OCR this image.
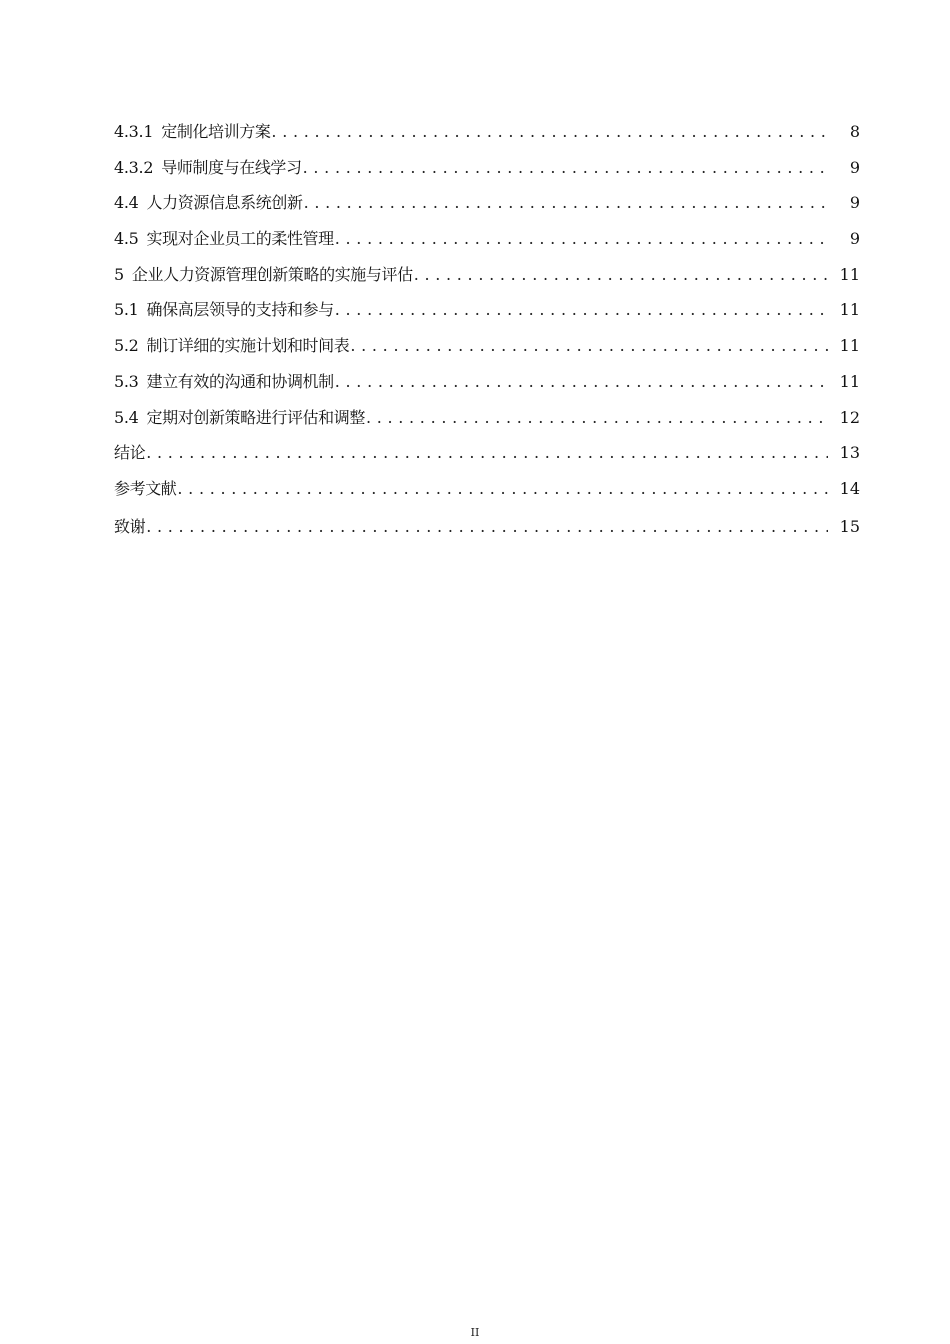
4.3.1 定制化培训方案 . . .	8
4.3.2 导师制度与在线学习 . . .	9
4.4 人力资源信息系统创新 . . .	9
4.5 实现对企业员工的柔性管理 . . .	9
5 企业人力资源管理创新策略的实施与评估 . . .	11
5.1 确保高层领导的支持和参与 . . .	11
5.2 制订详细的实施计划和时间表 . . .	11
5.3 建立有效的沟通和协调机制 . . .	11
5.4 定期对创新策略进行评估和调整 . . .	12
结论 . . .	13
参考文献 . . .	14
致谢 . . .	15
II
